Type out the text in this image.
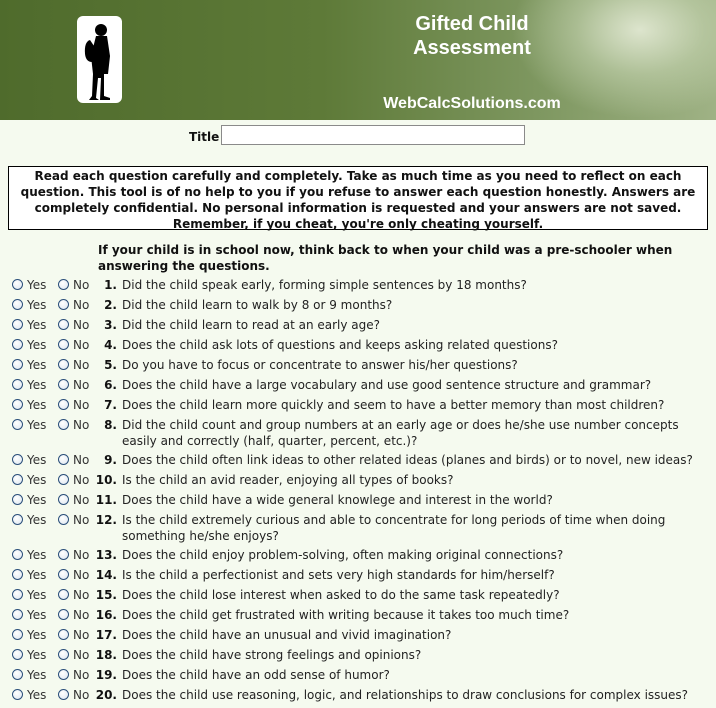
Gifted Child
Assessment
WebCalcSolutions.com
Title
Read each question carefully and completely. Take as much time as you need to reflect on each question. This tool is of no help to you if you refuse to answer each question honestly. Answers are completely confidential. No personal information is requested and your answers are not saved. Remember, if you cheat, you're only cheating yourself.
If your child is in school now, think back to when your child was a pre-schooler when answering the questions.
Yes No 1. Did the child speak early, forming simple sentences by 18 months?
Yes No 2. Did the child learn to walk by 8 or 9 months?
Yes No 3. Did the child learn to read at an early age?
Yes No 4. Does the child ask lots of questions and keeps asking related questions?
Yes No 5. Do you have to focus or concentrate to answer his/her questions?
Yes No 6. Does the child have a large vocabulary and use good sentence structure and grammar?
Yes No 7. Does the child learn more quickly and seem to have a better memory than most children?
Yes No 8. Did the child count and group numbers at an early age or does he/she use number concepts easily and correctly (half, quarter, percent, etc.)?
Yes No 9. Does the child often link ideas to other related ideas (planes and birds) or to novel, new ideas?
Yes No 10. Is the child an avid reader, enjoying all types of books?
Yes No 11. Does the child have a wide general knowlege and interest in the world?
Yes No 12. Is the child extremely curious and able to concentrate for long periods of time when doing something he/she enjoys?
Yes No 13. Does the child enjoy problem-solving, often making original connections?
Yes No 14. Is the child a perfectionist and sets very high standards for him/herself?
Yes No 15. Does the child lose interest when asked to do the same task repeatedly?
Yes No 16. Does the child get frustrated with writing because it takes too much time?
Yes No 17. Does the child have an unusual and vivid imagination?
Yes No 18. Does the child have strong feelings and opinions?
Yes No 19. Does the child have an odd sense of humor?
Yes No 20. Does the child use reasoning, logic, and relationships to draw conclusions for complex issues?
